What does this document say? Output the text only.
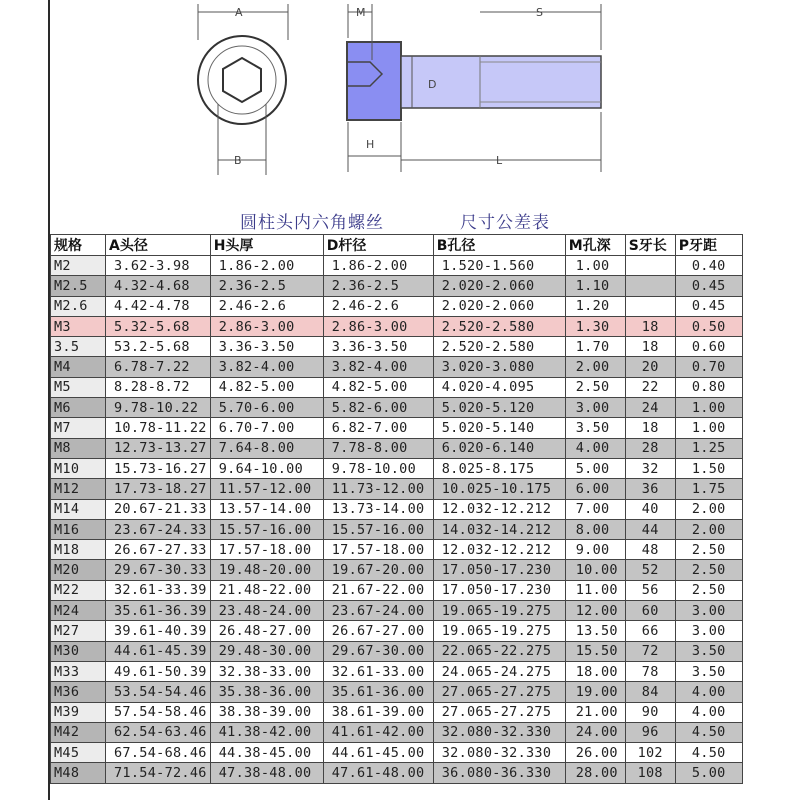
A	M	S
D
H
B	L
圆柱头内六角螺丝	尺寸公差表
规格	A头径	H头厚	D杆径	B孔径	M孔深	S牙长	P牙距
M2	3.62-3.98	1.86-2.00	1.86-2.00	1.520-1.560	1.00		0.40
M2.5	4.32-4.68	2.36-2.5	2.36-2.5	2.020-2.060	1.10		0.45
M2.6	4.42-4.78	2.46-2.6	2.46-2.6	2.020-2.060	1.20		0.45
M3	5.32-5.68	2.86-3.00	2.86-3.00	2.520-2.580	1.30	18	0.50
3.5	53.2-5.68	3.36-3.50	3.36-3.50	2.520-2.580	1.70	18	0.60
M4	6.78-7.22	3.82-4.00	3.82-4.00	3.020-3.080	2.00	20	0.70
M5	8.28-8.72	4.82-5.00	4.82-5.00	4.020-4.095	2.50	22	0.80
M6	9.78-10.22	5.70-6.00	5.82-6.00	5.020-5.120	3.00	24	1.00
M7	10.78-11.22	6.70-7.00	6.82-7.00	5.020-5.140	3.50	18	1.00
M8	12.73-13.27	7.64-8.00	7.78-8.00	6.020-6.140	4.00	28	1.25
M10	15.73-16.27	9.64-10.00	9.78-10.00	8.025-8.175	5.00	32	1.50
M12	17.73-18.27	11.57-12.00	11.73-12.00	10.025-10.175	6.00	36	1.75
M14	20.67-21.33	13.57-14.00	13.73-14.00	12.032-12.212	7.00	40	2.00
M16	23.67-24.33	15.57-16.00	15.57-16.00	14.032-14.212	8.00	44	2.00
M18	26.67-27.33	17.57-18.00	17.57-18.00	12.032-12.212	9.00	48	2.50
M20	29.67-30.33	19.48-20.00	19.67-20.00	17.050-17.230	10.00	52	2.50
M22	32.61-33.39	21.48-22.00	21.67-22.00	17.050-17.230	11.00	56	2.50
M24	35.61-36.39	23.48-24.00	23.67-24.00	19.065-19.275	12.00	60	3.00
M27	39.61-40.39	26.48-27.00	26.67-27.00	19.065-19.275	13.50	66	3.00
M30	44.61-45.39	29.48-30.00	29.67-30.00	22.065-22.275	15.50	72	3.50
M33	49.61-50.39	32.38-33.00	32.61-33.00	24.065-24.275	18.00	78	3.50
M36	53.54-54.46	35.38-36.00	35.61-36.00	27.065-27.275	19.00	84	4.00
M39	57.54-58.46	38.38-39.00	38.61-39.00	27.065-27.275	21.00	90	4.00
M42	62.54-63.46	41.38-42.00	41.61-42.00	32.080-32.330	24.00	96	4.50
M45	67.54-68.46	44.38-45.00	44.61-45.00	32.080-32.330	26.00	102	4.50
M48	71.54-72.46	47.38-48.00	47.61-48.00	36.080-36.330	28.00	108	5.00
